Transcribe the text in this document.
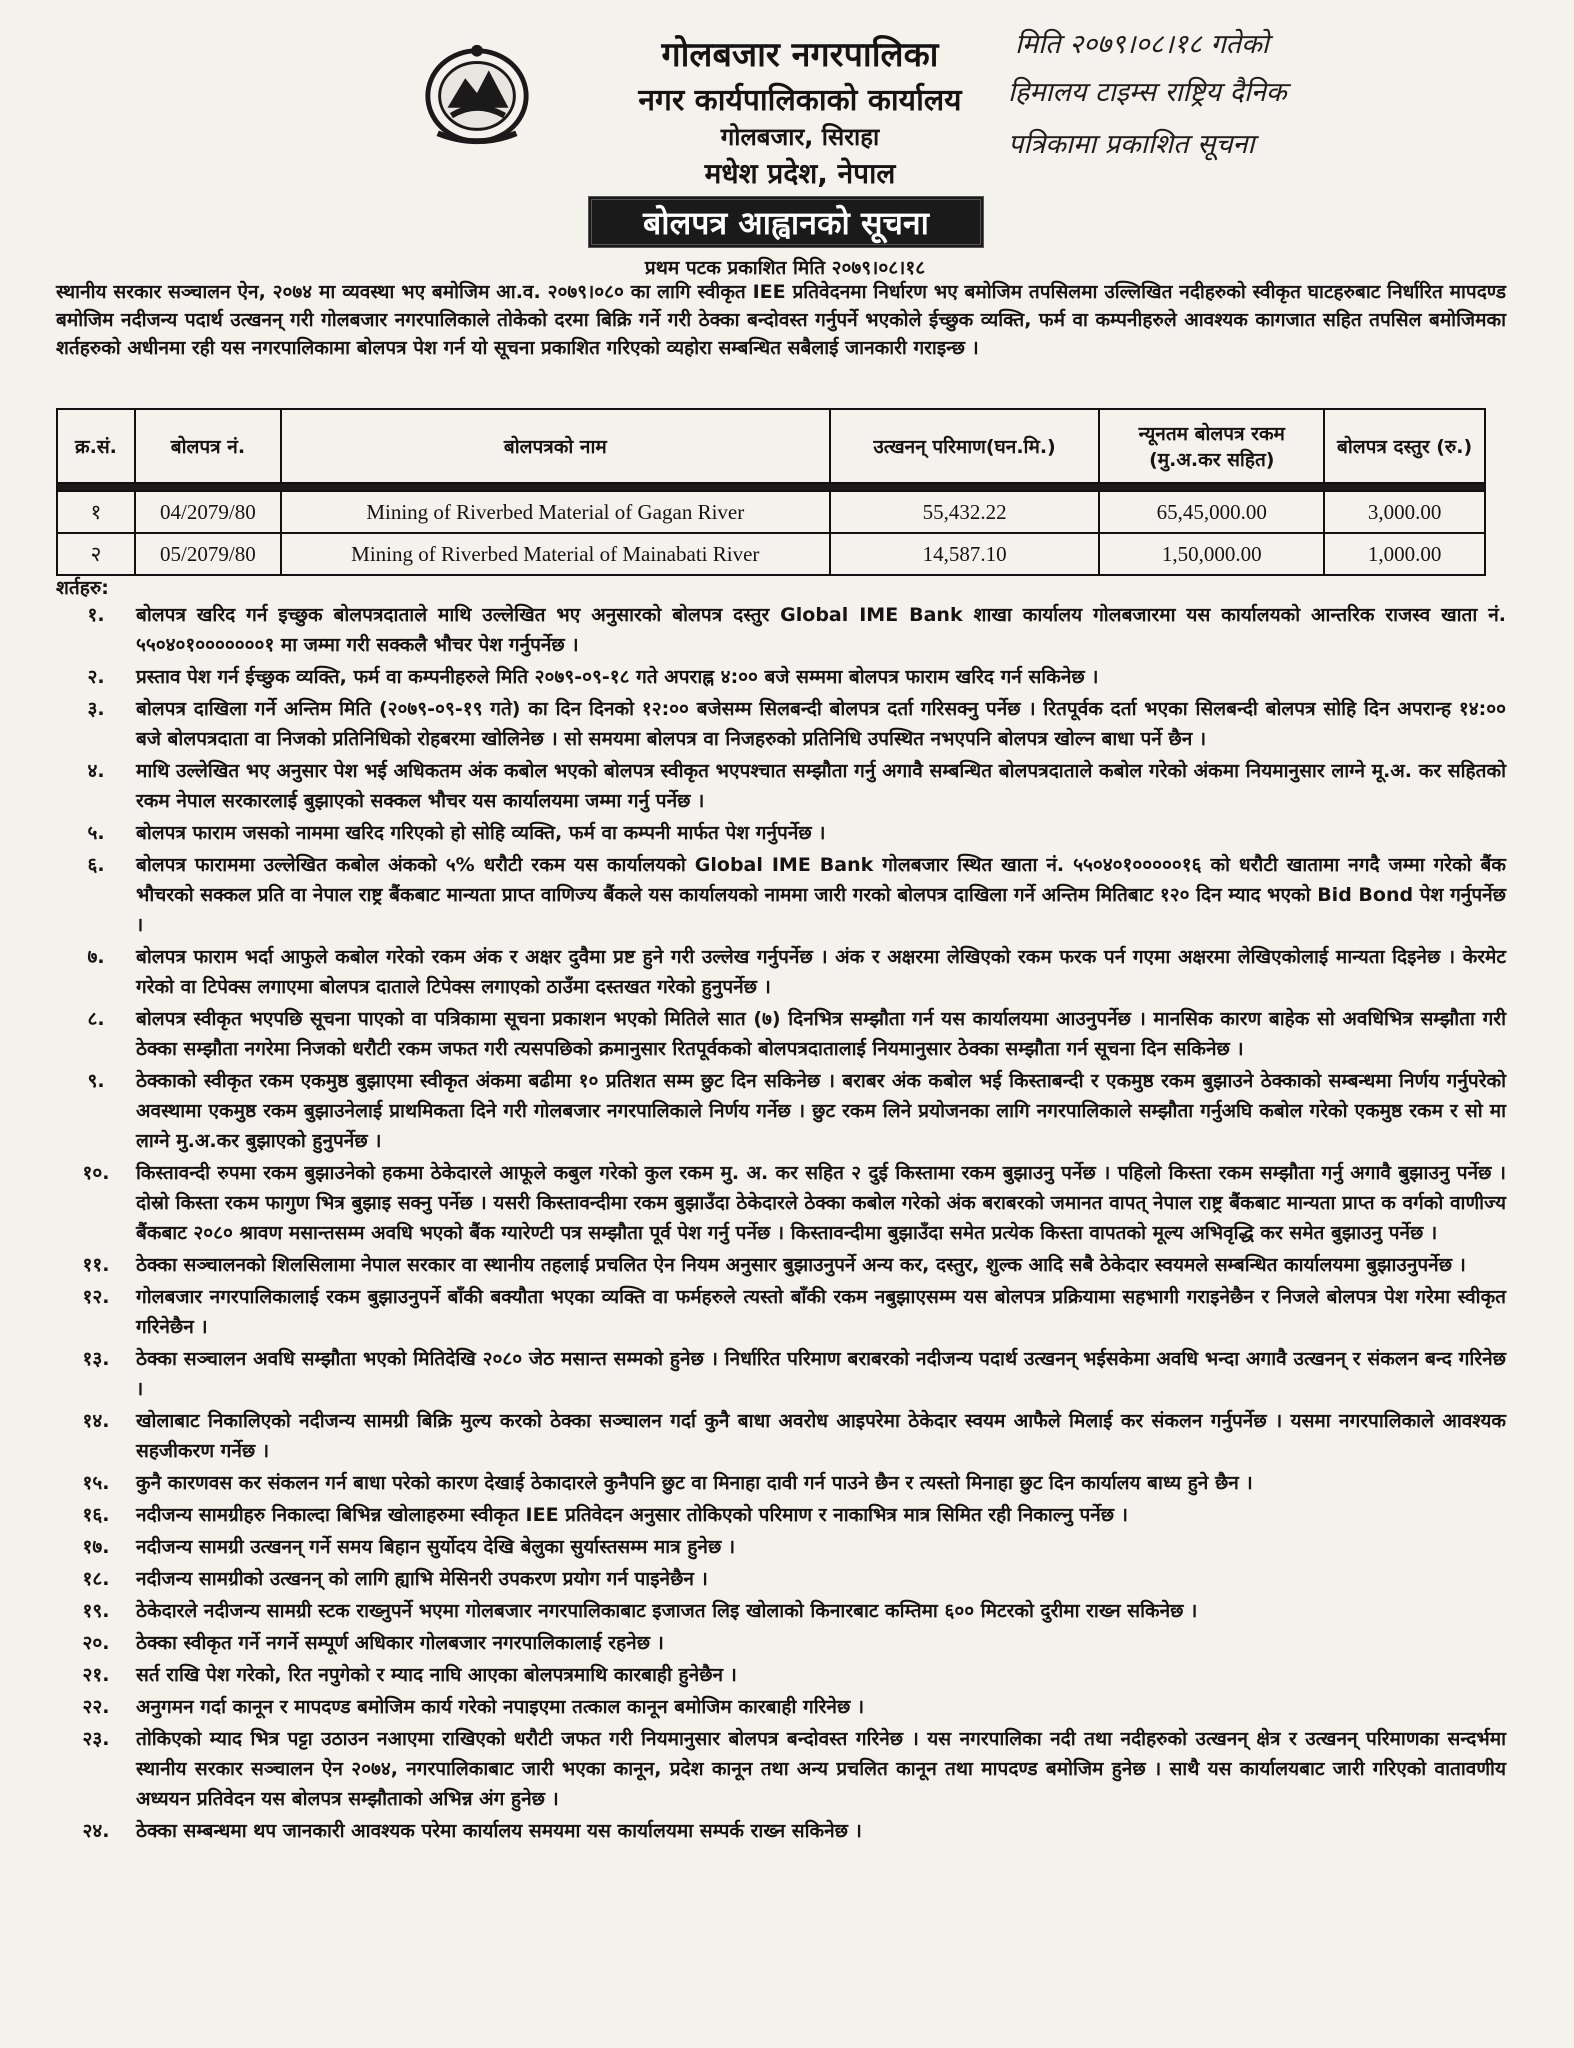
गोलबजार नगरपालिका
नगर कार्यपालिकाको कार्यालय
गोलबजार, सिराहा
मधेश प्रदेश, नेपाल
मिति २०७९।०८।१८ गतेको
हिमालय टाइम्स राष्ट्रिय दैनिक
पत्रिकामा प्रकाशित सूचना
बोलपत्र आह्वानको सूचना
प्रथम पटक प्रकाशित मिति २०७९।०८।१८
स्थानीय सरकार सञ्चालन ऐन, २०७४ मा व्यवस्था भए बमोजिम आ.व. २०७९।०८० का लागि स्वीकृत IEE प्रतिवेदनमा निर्धारण भए बमोजिम तपसिलमा उल्लिखित नदीहरुको स्वीकृत घाटहरुबाट निर्धारित मापदण्ड बमोजिम नदीजन्य पदार्थ उत्खनन् गरी गोलबजार नगरपालिकाले तोकेको दरमा बिक्रि गर्ने गरी ठेक्का बन्दोवस्त गर्नुपर्ने भएकोले ईच्छुक व्यक्ति, फर्म वा कम्पनीहरुले आवश्यक कागजात सहित तपसिल बमोजिमका शर्तहरुको अधीनमा रही यस नगरपालिकामा बोलपत्र पेश गर्न यो सूचना प्रकाशित गरिएको व्यहोरा सम्बन्धित सबैलाई जानकारी गराइन्छ ।
क्र.सं.	बोलपत्र नं.	बोलपत्रको नाम	उत्खनन् परिमाण(घन.मि.)	न्यूनतम बोलपत्र रकम (मु.अ.कर सहित)	बोलपत्र दस्तुर (रु.)

१	04/2079/80	Mining of Riverbed Material of Gagan River	55,432.22	65,45,000.00	3,000.00
२	05/2079/80	Mining of Riverbed Material of Mainabati River	14,587.10	1,50,000.00	1,000.00
शर्तहरु:
१.	बोलपत्र खरिद गर्न इच्छुक बोलपत्रदाताले माथि उल्लेखित भए अनुसारको बोलपत्र दस्तुर Global IME Bank शाखा कार्यालय गोलबजारमा यस कार्यालयको आन्तरिक राजस्व खाता नं. ५५०४०१०००००००१ मा जम्मा गरी सक्कलै भौचर पेश गर्नुपर्नेछ ।
२.	प्रस्ताव पेश गर्न ईच्छुक व्यक्ति, फर्म वा कम्पनीहरुले मिति २०७९-०९-१८ गते अपराह्न ४:०० बजे सम्ममा बोलपत्र फाराम खरिद गर्न सकिनेछ ।
३.	बोलपत्र दाखिला गर्ने अन्तिम मिति (२०७९-०९-१९ गते) का दिन दिनको १२:०० बजेसम्म सिलबन्दी बोलपत्र दर्ता गरिसक्नु पर्नेछ । रितपूर्वक दर्ता भएका सिलबन्दी बोलपत्र सोहि दिन अपरान्ह १४:०० बजे बोलपत्रदाता वा निजको प्रतिनिधिको रोहबरमा खोलिनेछ । सो समयमा बोलपत्र वा निजहरुको प्रतिनिधि उपस्थित नभएपनि बोलपत्र खोल्न बाधा पर्ने छैन ।
४.	माथि उल्लेखित भए अनुसार पेश भई अधिकतम अंक कबोल भएको बोलपत्र स्वीकृत भएपश्चात सम्झौता गर्नु अगावै सम्बन्धित बोलपत्रदाताले कबोल गरेको अंकमा नियमानुसार लाग्ने मू.अ. कर सहितको रकम नेपाल सरकारलाई बुझाएको सक्कल भौचर यस कार्यालयमा जम्मा गर्नु पर्नेछ ।
५.	बोलपत्र फाराम जसको नाममा खरिद गरिएको हो सोहि व्यक्ति, फर्म वा कम्पनी मार्फत पेश गर्नुपर्नेछ ।
६.	बोलपत्र फाराममा उल्लेखित कबोल अंकको ५% धरौटी रकम यस कार्यालयको Global IME Bank गोलबजार स्थित खाता नं. ५५०४०१०००००१६ को धरौटी खातामा नगदै जम्मा गरेको बैंक भौचरको सक्कल प्रति वा नेपाल राष्ट्र बैंकबाट मान्यता प्राप्त वाणिज्य बैंकले यस कार्यालयको नाममा जारी गरको बोलपत्र दाखिला गर्ने अन्तिम मितिबाट १२० दिन म्याद भएको Bid Bond पेश गर्नुपर्नेछ ।
७.	बोलपत्र फाराम भर्दा आफुले कबोल गरेको रकम अंक र अक्षर दुवैमा प्रष्ट हुने गरी उल्लेख गर्नुपर्नेछ । अंक र अक्षरमा लेखिएको रकम फरक पर्न गएमा अक्षरमा लेखिएकोलाई मान्यता दिइनेछ । केरमेट गरेको वा टिपेक्स लगाएमा बोलपत्र दाताले टिपेक्स लगाएको ठाउँमा दस्तखत गरेको हुनुपर्नेछ ।
८.	बोलपत्र स्वीकृत भएपछि सूचना पाएको वा पत्रिकामा सूचना प्रकाशन भएको मितिले सात (७) दिनभित्र सम्झौता गर्न यस कार्यालयमा आउनुपर्नेछ । मानसिक कारण बाहेक सो अवधिभित्र सम्झौता गरी ठेक्का सम्झौता नगरेमा निजको धरौटी रकम जफत गरी त्यसपछिको क्रमानुसार रितपूर्वकको बोलपत्रदातालाई नियमानुसार ठेक्का सम्झौता गर्न सूचना दिन सकिनेछ ।
९.	ठेक्काको स्वीकृत रकम एकमुष्ठ बुझाएमा स्वीकृत अंकमा बढीमा १० प्रतिशत सम्म छुट दिन सकिनेछ । बराबर अंक कबोल भई किस्ताबन्दी र एकमुष्ठ रकम बुझाउने ठेक्काको सम्बन्धमा निर्णय गर्नुपरेको अवस्थामा एकमुष्ठ रकम बुझाउनेलाई प्राथमिकता दिने गरी गोलबजार नगरपालिकाले निर्णय गर्नेछ । छुट रकम लिने प्रयोजनका लागि नगरपालिकाले सम्झौता गर्नुअघि कबोल गरेको एकमुष्ठ रकम र सो मा लाग्ने मु.अ.कर बुझाएको हुनुपर्नेछ ।
१०.	किस्तावन्दी रुपमा रकम बुझाउनेको हकमा ठेकेदारले आफूले कबुल गरेको कुल रकम मु. अ. कर सहित २ दुई किस्तामा रकम बुझाउनु पर्नेछ । पहिलो किस्ता रकम सम्झौता गर्नु अगावै बुझाउनु पर्नेछ । दोस्रो किस्ता रकम फागुण भित्र बुझाइ सक्नु पर्नेछ । यसरी किस्तावन्दीमा रकम बुझाउँदा ठेकेदारले ठेक्का कबोल गरेको अंक बराबरको जमानत वापत् नेपाल राष्ट्र बैंकबाट मान्यता प्राप्त क वर्गको वाणीज्य बैंकबाट २०८० श्रावण मसान्तसम्म अवधि भएको बैंक ग्यारेण्टी पत्र सम्झौता पूर्व पेश गर्नु पर्नेछ । किस्तावन्दीमा बुझाउँदा समेत प्रत्येक किस्ता वापतको मूल्य अभिवृद्धि कर समेत बुझाउनु पर्नेछ ।
११.	ठेक्का सञ्चालनको शिलसिलामा नेपाल सरकार वा स्थानीय तहलाई प्रचलित ऐन नियम अनुसार बुझाउनुपर्ने अन्य कर, दस्तुर, शुल्क आदि सबै ठेकेदार स्वयमले सम्बन्धित कार्यालयमा बुझाउनुपर्नेछ ।
१२.	गोलबजार नगरपालिकालाई रकम बुझाउनुपर्ने बाँकी बक्यौता भएका व्यक्ति वा फर्महरुले त्यस्तो बाँकी रकम नबुझाएसम्म यस बोलपत्र प्रक्रियामा सहभागी गराइनेछैन र निजले बोलपत्र पेश गरेमा स्वीकृत गरिनेछैन ।
१३.	ठेक्का सञ्चालन अवधि सम्झौता भएको मितिदेखि २०८० जेठ मसान्त सम्मको हुनेछ । निर्धारित परिमाण बराबरको नदीजन्य पदार्थ उत्खनन् भईसकेमा अवधि भन्दा अगावै उत्खनन् र संकलन बन्द गरिनेछ ।
१४.	खोलाबाट निकालिएको नदीजन्य सामग्री बिक्रि मुल्य करको ठेक्का सञ्चालन गर्दा कुनै बाधा अवरोध आइपरेमा ठेकेदार स्वयम आफैले मिलाई कर संकलन गर्नुपर्नेछ । यसमा नगरपालिकाले आवश्यक सहजीकरण गर्नेछ ।
१५.	कुनै कारणवस कर संकलन गर्न बाधा परेको कारण देखाई ठेकादारले कुनैपनि छुट वा मिनाहा दावी गर्न पाउने छैन र त्यस्तो मिनाहा छुट दिन कार्यालय बाध्य हुने छैन ।
१६.	नदीजन्य सामग्रीहरु निकाल्दा बिभिन्न खोलाहरुमा स्वीकृत IEE प्रतिवेदन अनुसार तोकिएको परिमाण र नाकाभित्र मात्र सिमित रही निकाल्नु पर्नेछ ।
१७.	नदीजन्य सामग्री उत्खनन् गर्ने समय बिहान सुर्योदय देखि बेलुका सुर्यास्तसम्म मात्र हुनेछ ।
१८.	नदीजन्य सामग्रीको उत्खनन् को लागि ह्याभि मेसिनरी उपकरण प्रयोग गर्न पाइनेछैन ।
१९.	ठेकेदारले नदीजन्य सामग्री स्टक राख्नुपर्ने भएमा गोलबजार नगरपालिकाबाट इजाजत लिइ खोलाको किनारबाट कम्तिमा ६०० मिटरको दुरीमा राख्न सकिनेछ ।
२०.	ठेक्का स्वीकृत गर्ने नगर्ने सम्पूर्ण अधिकार गोलबजार नगरपालिकालाई रहनेछ ।
२१.	सर्त राखि पेश गरेको, रित नपुगेको र म्याद नाघि आएका बोलपत्रमाथि कारबाही हुनेछैन ।
२२.	अनुगमन गर्दा कानून र मापदण्ड बमोजिम कार्य गरेको नपाइएमा तत्काल कानून बमोजिम कारबाही गरिनेछ ।
२३.	तोकिएको म्याद भित्र पट्टा उठाउन नआएमा राखिएको धरौटी जफत गरी नियमानुसार बोलपत्र बन्दोवस्त गरिनेछ । यस नगरपालिका नदी तथा नदीहरुको उत्खनन् क्षेत्र र उत्खनन् परिमाणका सन्दर्भमा स्थानीय सरकार सञ्चालन ऐन २०७४, नगरपालिकाबाट जारी भएका कानून, प्रदेश कानून तथा अन्य प्रचलित कानून तथा मापदण्ड बमोजिम हुनेछ । साथै यस कार्यालयबाट जारी गरिएको वातावणीय अध्ययन प्रतिवेदन यस बोलपत्र सम्झौताको अभिन्न अंग हुनेछ ।
२४.	ठेक्का सम्बन्धमा थप जानकारी आवश्यक परेमा कार्यालय समयमा यस कार्यालयमा सम्पर्क राख्न सकिनेछ ।
